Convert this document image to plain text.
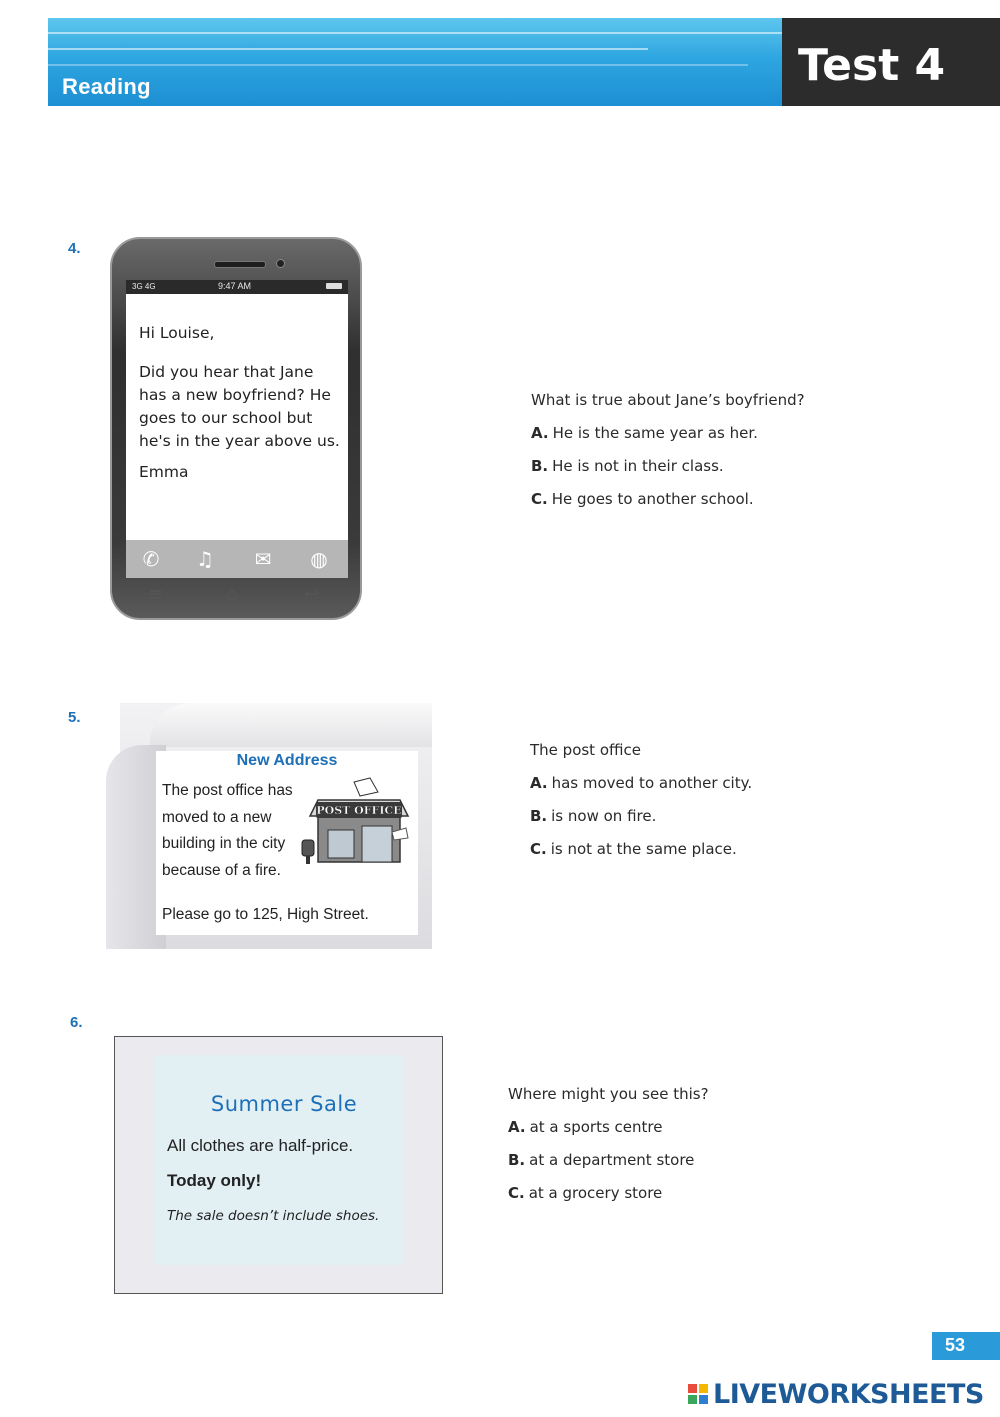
Reading	Test 4
4.
3G 4G	9:47 AM

Hi Louise,

Did you hear that Jane has a new boyfriend? He goes to our school but he's in the year above us.

Emma

✆ ♫ ✉ ◍
≡	⌂	↩
What is true about Jane’s boyfriend?
A. He is the same year as her.
B. He is not in their class.
C. He goes to another school.
5.
New Address
The post office has moved to a new building in the city because of a fire.
Please go to 125, High Street.
POST OFFICE
The post office
A. has moved to another city.
B. is now on fire.
C. is not at the same place.
6.
Summer Sale
All clothes are half-price.
Today only!
The sale doesn’t include shoes.
Where might you see this?
A. at a sports centre
B. at a department store
C. at a grocery store
53
LIVEWORKSHEETS
